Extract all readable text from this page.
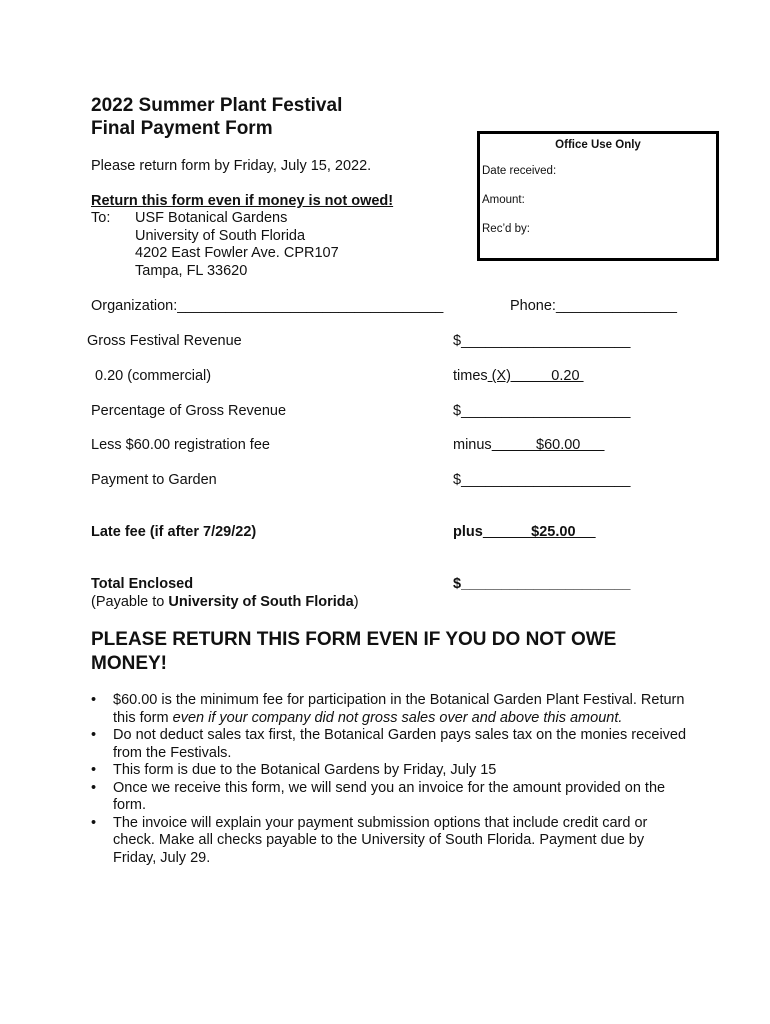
2022 Summer Plant Festival
Final Payment Form
Office Use Only
Date received:
Amount:
Rec’d by:
Please return form by Friday, July 15, 2022.
Return this form even if money is not owed!
To: USF Botanical Gardens
University of South Florida
4202 East Fowler Ave. CPR107
Tampa, FL 33620
Organization:_________________________________	Phone:_______________
Gross Festival Revenue	$_____________________
0.20 (commercial)	times (X)          0.20
Percentage of Gross Revenue	$_____________________
Less $60.00 registration fee	minus           $60.00
Payment to Garden	$_____________________
Late fee (if after 7/29/22)	plus            $25.00
Total Enclosed	$_____________________
(Payable to University of South Florida)
PLEASE RETURN THIS FORM EVEN IF YOU DO NOT OWE MONEY!
• $60.00 is the minimum fee for participation in the Botanical Garden Plant Festival. Return this form even if your company did not gross sales over and above this amount.
• Do not deduct sales tax first, the Botanical Garden pays sales tax on the monies received from the Festivals.
• This form is due to the Botanical Gardens by Friday, July 15
• Once we receive this form, we will send you an invoice for the amount provided on the form.
• The invoice will explain your payment submission options that include credit card or check. Make all checks payable to the University of South Florida. Payment due by Friday, July 29.
